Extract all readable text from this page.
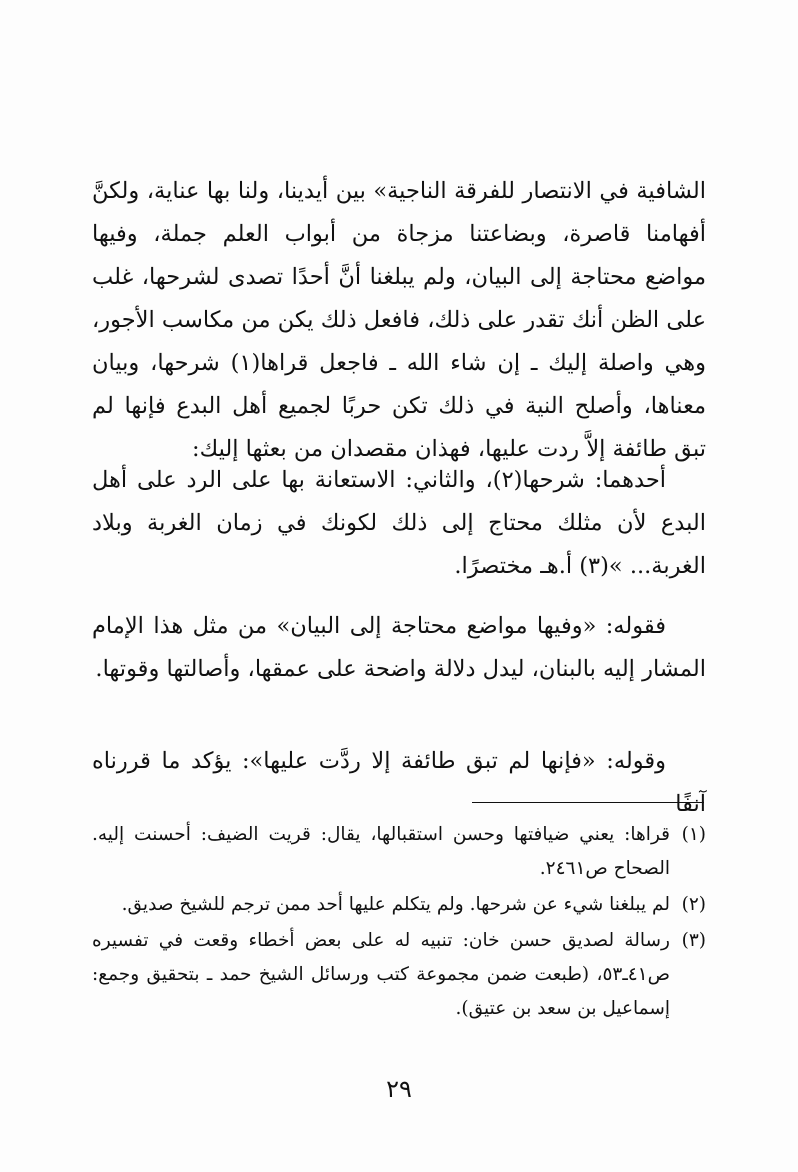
الشافية في الانتصار للفرقة الناجية» بين أيدينا، ولنا بها عناية، ولكنَّ أفهامنا قاصرة، وبضاعتنا مزجاة من أبواب العلم جملة، وفيها مواضع محتاجة إلى البيان، ولم يبلغنا أنَّ أحدًا تصدى لشرحها، غلب على الظن أنك تقدر على ذلك، فافعل ذلك يكن من مكاسب الأجور، وهي واصلة إليك ـ إن شاء الله ـ فاجعل قراها(١) شرحها، وبيان معناها، وأصلح النية في ذلك تكن حربًا لجميع أهل البدع فإنها لم تبق طائفة إلاَّ ردت عليها، فهذان مقصدان من بعثها إليك:
أحدهما: شرحها(٢)، والثاني: الاستعانة بها على الرد على أهل البدع لأن مثلك محتاج إلى ذلك لكونك في زمان الغربة وبلاد الغربة... »(٣) أ.هـ مختصرًا.
فقوله: «وفيها مواضع محتاجة إلى البيان» من مثل هذا الإمام المشار إليه بالبنان، ليدل دلالة واضحة على عمقها، وأصالتها وقوتها.
وقوله: «فإنها لم تبق طائفة إلا ردَّت عليها»: يؤكد ما قررناه آنفًا
(١)
قراها: يعني ضيافتها وحسن استقبالها، يقال: قريت الضيف: أحسنت إليه. الصحاح ص٢٤٦١.
(٢)
لم يبلغنا شيء عن شرحها. ولم يتكلم عليها أحد ممن ترجم للشيخ صديق.
(٣)
رسالة لصديق حسن خان: تنبيه له على بعض أخطاء وقعت في تفسيره ص٤١ـ٥٣، (طبعت ضمن مجموعة كتب ورسائل الشيخ حمد ـ بتحقيق وجمع: إسماعيل بن سعد بن عتيق).
٢٩
